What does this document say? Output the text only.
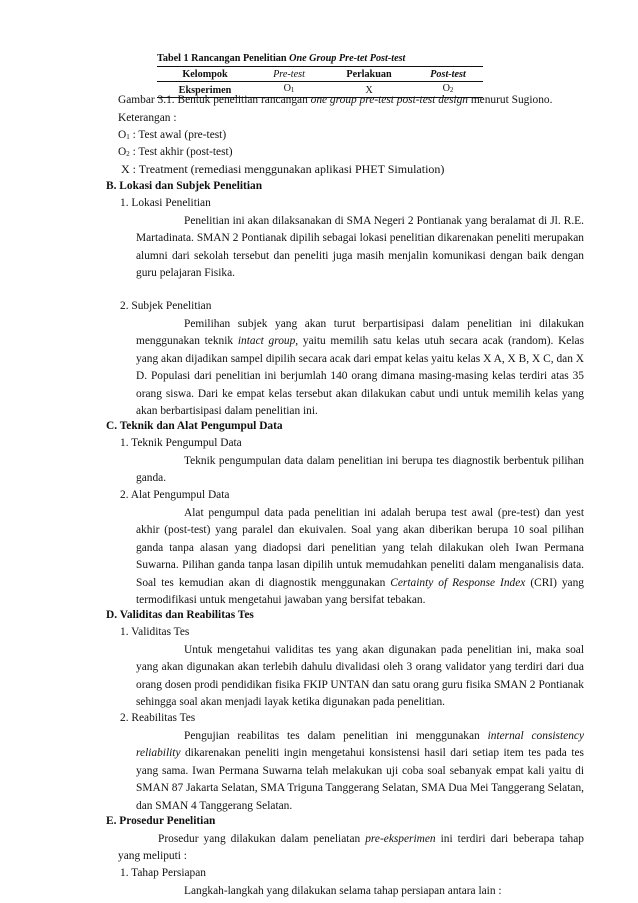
Tabel 1 Rancangan Penelitian One Group Pre-tet Post-test
Kelompok	Pre-test	Perlakuan	Post-test
Eksperimen	$O_1$	X	$O_2$
Gambar 3.1. Bentuk penelitian rancangan one group pre-test post-test design menurut Sugiono.
Keterangan :
$O_1$ : Test awal (pre-test)
$O_2$ : Test akhir (post-test)
X : Treatment (remediasi menggunakan aplikasi PHET Simulation)
B. Lokasi dan Subjek Penelitian
1. Lokasi Penelitian
Penelitian ini akan dilaksanakan di SMA Negeri 2 Pontianak yang beralamat di Jl. R.E. Martadinata. SMAN 2 Pontianak dipilih sebagai lokasi penelitian dikarenakan peneliti merupakan alumni dari sekolah tersebut dan peneliti juga masih menjalin komunikasi dengan baik dengan guru pelajaran Fisika.
2. Subjek Penelitian
Pemilihan subjek yang akan turut berpartisipasi dalam penelitian ini dilakukan menggunakan teknik intact group, yaitu memilih satu kelas utuh secara acak (random). Kelas yang akan dijadikan sampel dipilih secara acak dari empat kelas yaitu kelas X A, X B, X C, dan X D. Populasi dari penelitian ini berjumlah 140 orang dimana masing-masing kelas terdiri atas 35 orang siswa. Dari ke empat kelas tersebut akan dilakukan cabut undi untuk memilih kelas yang akan berbartisipasi dalam penelitian ini.
C. Teknik dan Alat Pengumpul Data
1. Teknik Pengumpul Data
Teknik pengumpulan data dalam penelitian ini berupa tes diagnostik berbentuk pilihan ganda.
2. Alat Pengumpul Data
Alat pengumpul data pada penelitian ini adalah berupa test awal (pre-test) dan yest akhir (post-test) yang paralel dan ekuivalen. Soal yang akan diberikan berupa 10 soal pilihan ganda tanpa alasan yang diadopsi dari penelitian yang telah dilakukan oleh Iwan Permana Suwarna. Pilihan ganda tanpa lasan dipilih untuk memudahkan peneliti dalam menganalisis data. Soal tes kemudian akan di diagnostik menggunakan Certainty of Response Index (CRI) yang termodifikasi untuk mengetahui jawaban yang bersifat tebakan.
D. Validitas dan Reabilitas Tes
1. Validitas Tes
Untuk mengetahui validitas tes yang akan digunakan pada penelitian ini, maka soal yang akan digunakan akan terlebih dahulu divalidasi oleh 3 orang validator yang terdiri dari dua orang dosen prodi pendidikan fisika FKIP UNTAN dan satu orang guru fisika SMAN 2 Pontianak sehingga soal akan menjadi layak ketika digunakan pada penelitian.
2. Reabilitas Tes
Pengujian reabilitas tes dalam penelitian ini menggunakan internal consistency reliability dikarenakan peneliti ingin mengetahui konsistensi hasil dari setiap item tes pada tes yang sama. Iwan Permana Suwarna telah melakukan uji coba soal sebanyak empat kali yaitu di SMAN 87 Jakarta Selatan, SMA Triguna Tanggerang Selatan, SMA Dua Mei Tanggerang Selatan, dan SMAN 4 Tanggerang Selatan.
E. Prosedur Penelitian
Prosedur yang dilakukan dalam peneliatan pre-eksperimen ini terdiri dari beberapa tahap yang meliputi :
1. Tahap Persiapan
Langkah-langkah yang dilakukan selama tahap persiapan antara lain :
